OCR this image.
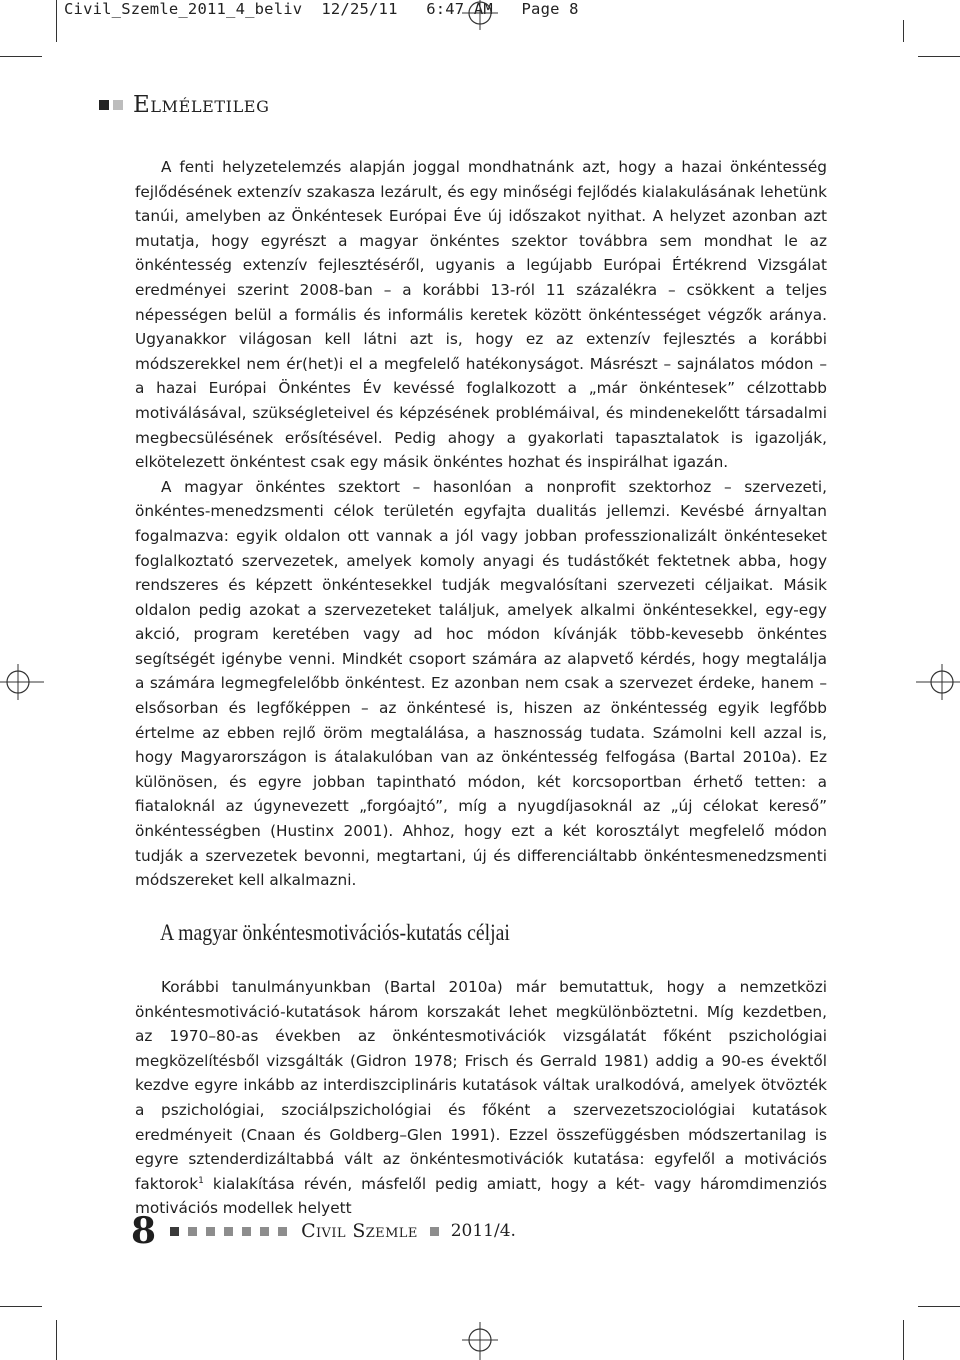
Civil_Szemle_2011_4_beliv  12/25/11   6:47 AM   Page 8
Elméletileg

A fenti helyzetelemzés alapján joggal mondhatnánk azt, hogy a hazai önkéntesség fejlődésének extenzív szakasza lezárult, és egy minőségi fejlődés kialakulásának lehetünk tanúi, amelyben az Önkéntesek Európai Éve új időszakot nyithat. A helyzet azonban azt mutatja, hogy egyrészt a magyar önkéntes szektor továbbra sem mondhat le az önkéntesség extenzív fejlesztéséről, ugyanis a legújabb Európai Értékrend Vizsgálat eredményei szerint 2008-ban – a korábbi 13-ról 11 százalékra – csökkent a teljes népességen belül a formális és informális keretek között önkéntességet végzők aránya. Ugyanakkor világosan kell látni azt is, hogy ez az extenzív fejlesztés a korábbi módszerekkel nem ér(het)i el a megfelelő hatékonyságot. Másrészt – sajnálatos módon – a hazai Európai Önkéntes Év kevéssé foglalkozott a „már önkéntesek” célzottabb motiválásával, szükségleteivel és képzésének problémáival, és mindenekelőtt társadalmi megbecsülésének erősítésével. Pedig ahogy a gyakorlati tapasztalatok is igazolják, elkötelezett önkéntest csak egy másik önkéntes hozhat és inspirálhat igazán.

A magyar önkéntes szektort – hasonlóan a nonprofit szektorhoz – szervezeti, önkéntes-menedzsmenti célok területén egyfajta dualitás jellemzi. Kevésbé árnyaltan fogalmazva: egyik oldalon ott vannak a jól vagy jobban professzionalizált önkénteseket foglalkoztató szervezetek, amelyek komoly anyagi és tudástőkét fektetnek abba, hogy rendszeres és képzett önkéntesekkel tudják megvalósítani szervezeti céljaikat. Másik oldalon pedig azokat a szervezeteket találjuk, amelyek alkalmi önkéntesekkel, egy-egy akció, program keretében vagy ad hoc módon kívánják több-kevesebb önkéntes segítségét igénybe venni. Mindkét csoport számára az alapvető kérdés, hogy megtalálja a számára legmegfelelőbb önkéntest. Ez azonban nem csak a szervezet érdeke, hanem – elsősorban és legfőképpen – az önkéntesé is, hiszen az önkéntesség egyik legfőbb értelme az ebben rejlő öröm megtalálása, a hasznosság tudata. Számolni kell azzal is, hogy Magyarországon is átalakulóban van az önkéntesség felfogása (Bartal 2010a). Ez különösen, és egyre jobban tapintható módon, két korcsoportban érhető tetten: a fiataloknál az úgynevezett „forgóajtó”, míg a nyugdíjasoknál az „új célokat kereső” önkéntességben (Hustinx 2001). Ahhoz, hogy ezt a két korosztályt megfelelő módon tudják a szervezetek bevonni, megtartani, új és differenciáltabb önkéntesmenedzsmenti módszereket kell alkalmazni.

A magyar önkéntesmotivációs-kutatás céljai

Korábbi tanulmányunkban (Bartal 2010a) már bemutattuk, hogy a nemzetközi önkéntesmotiváció-kutatások három korszakát lehet megkülönböztetni. Míg kezdetben, az 1970–80-as években az önkéntesmotivációk vizsgálatát főként pszichológiai megközelítésből vizsgálták (Gidron 1978; Frisch és Gerrald 1981) addig a 90-es évektől kezdve egyre inkább az interdiszciplináris kutatások váltak uralkodóvá, amelyek ötvözték a pszichológiai, szociálpszichológiai és főként a szervezetszociológiai kutatások eredményeit (Cnaan és Goldberg–Glen 1991). Ezzel összefüggésben módszertanilag is egyre sztenderdizáltabbá vált az önkéntesmotivációk kutatása: egyfelől a motivációs faktorok$^1$ kialakítása révén, másfelől pedig amiatt, hogy a két- vagy háromdimenziós motivációs modellek helyett

8	Civil Szemle 2011/4.
